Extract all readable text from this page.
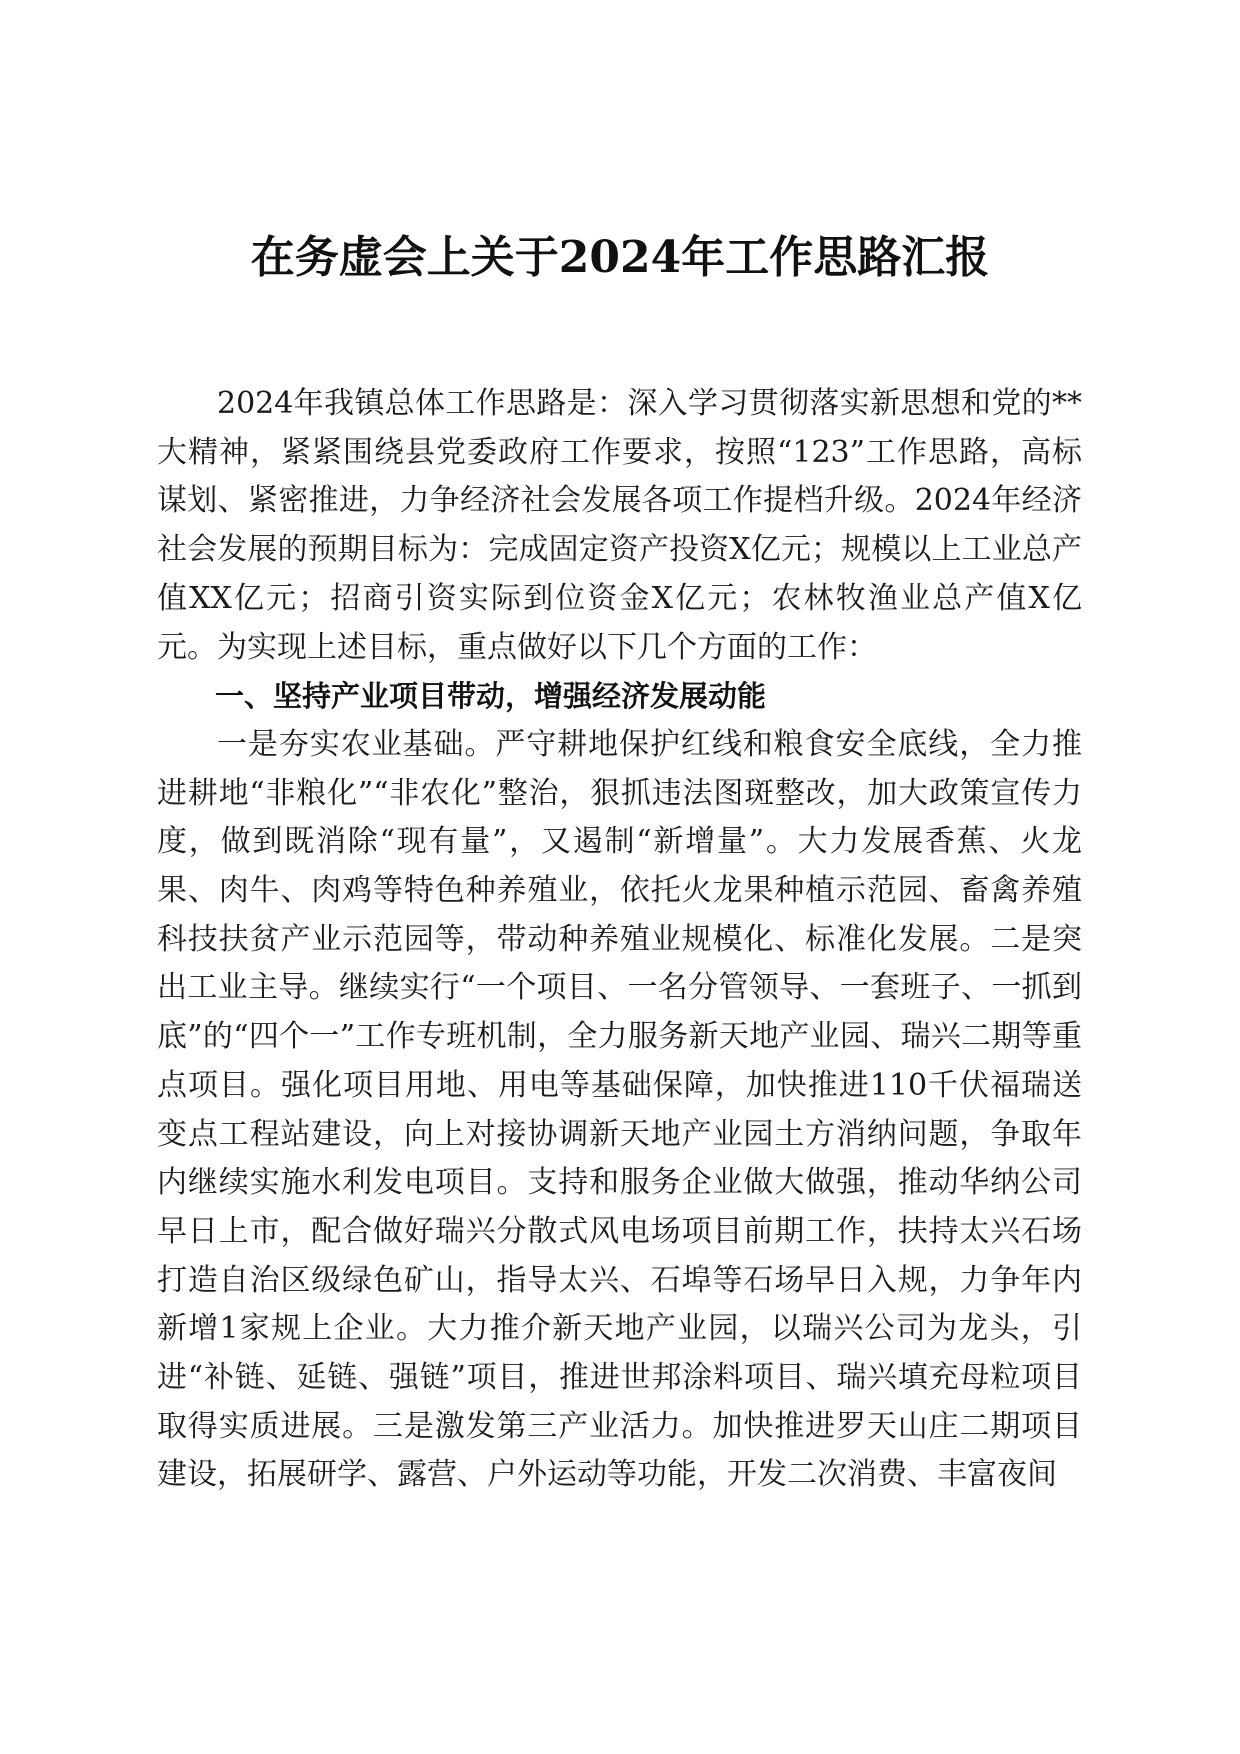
在务虚会上关于2024年工作思路汇报

2024年我镇总体工作思路是：深入学习贯彻落实新思想和党的**大精神，紧紧围绕县党委政府工作要求，按照“123”工作思路，高标谋划、紧密推进，力争经济社会发展各项工作提档升级。2024年经济社会发展的预期目标为：完成固定资产投资X亿元；规模以上工业总产值XX亿元；招商引资实际到位资金X亿元；农林牧渔业总产值X亿元。为实现上述目标，重点做好以下几个方面的工作：

一、坚持产业项目带动，增强经济发展动能

一是夯实农业基础。严守耕地保护红线和粮食安全底线，全力推进耕地“非粮化”“非农化”整治，狠抓违法图斑整改，加大政策宣传力度，做到既消除“现有量”，又遏制“新增量”。大力发展香蕉、火龙果、肉牛、肉鸡等特色种养殖业，依托火龙果种植示范园、畜禽养殖科技扶贫产业示范园等，带动种养殖业规模化、标准化发展。二是突出工业主导。继续实行“一个项目、一名分管领导、一套班子、一抓到底”的“四个一”工作专班机制，全力服务新天地产业园、瑞兴二期等重点项目。强化项目用地、用电等基础保障，加快推进110千伏福瑞送变点工程站建设，向上对接协调新天地产业园土方消纳问题，争取年内继续实施水利发电项目。支持和服务企业做大做强，推动华纳公司早日上市，配合做好瑞兴分散式风电场项目前期工作，扶持太兴石场打造自治区级绿色矿山，指导太兴、石埠等石场早日入规，力争年内新增1家规上企业。大力推介新天地产业园，以瑞兴公司为龙头，引进“补链、延链、强链”项目，推进世邦涂料项目、瑞兴填充母粒项目取得实质进展。三是激发第三产业活力。加快推进罗天山庄二期项目建设，拓展研学、露营、户外运动等功能，开发二次消费、丰富夜间
